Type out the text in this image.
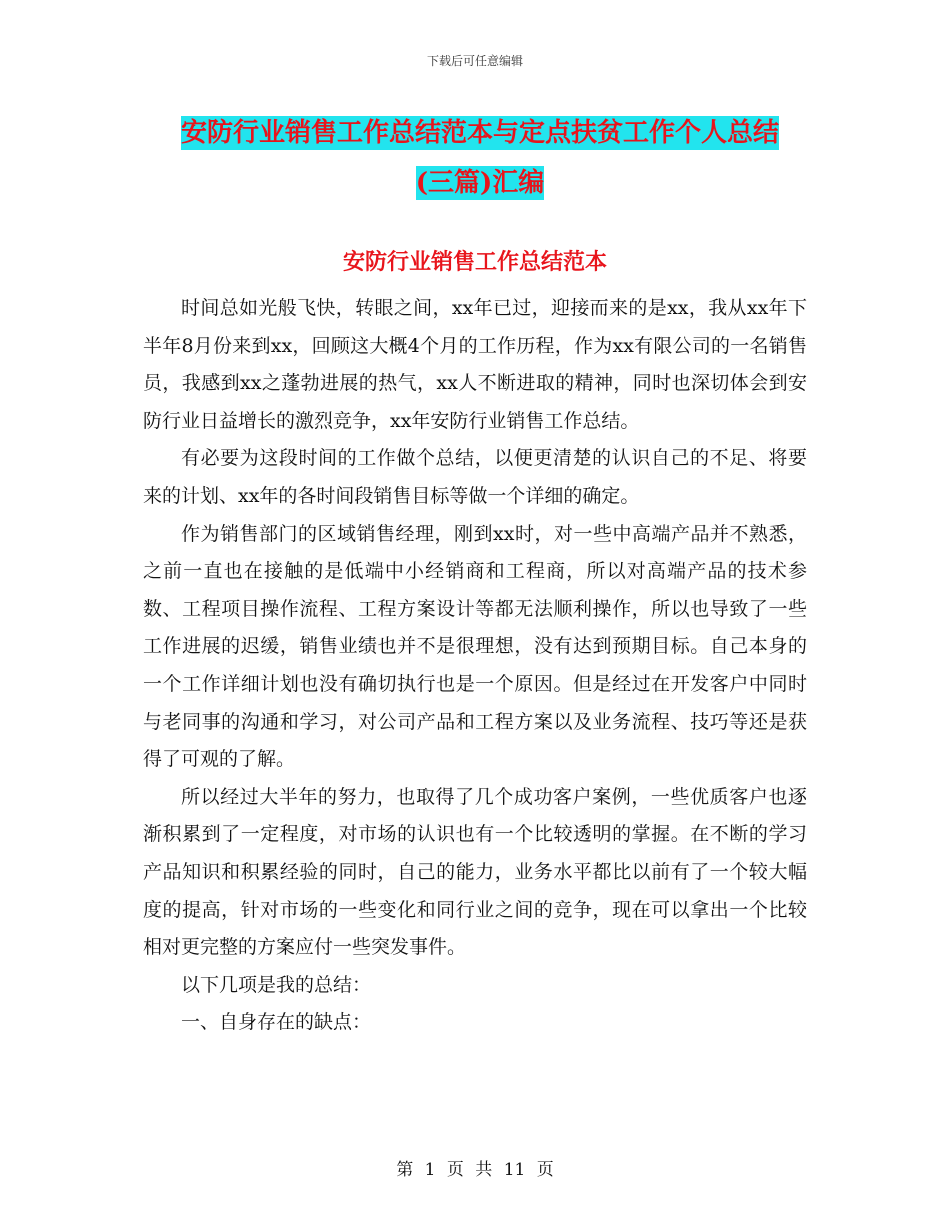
下载后可任意编辑
安防行业销售工作总结范本与定点扶贫工作个人总结
(三篇)汇编
安防行业销售工作总结范本

时间总如光般飞快，转眼之间，xx年已过，迎接而来的是xx，我从xx年下半年8月份来到xx，回顾这大概4个月的工作历程，作为xx有限公司的一名销售员，我感到xx之蓬勃进展的热气，xx人不断进取的精神，同时也深切体会到安防行业日益增长的激烈竞争，xx年安防行业销售工作总结。

有必要为这段时间的工作做个总结，以便更清楚的认识自己的不足、将要来的计划、xx年的各时间段销售目标等做一个详细的确定。

作为销售部门的区域销售经理，刚到xx时，对一些中高端产品并不熟悉，之前一直也在接触的是低端中小经销商和工程商，所以对高端产品的技术参数、工程项目操作流程、工程方案设计等都无法顺利操作，所以也导致了一些工作进展的迟缓，销售业绩也并不是很理想，没有达到预期目标。自己本身的一个工作详细计划也没有确切执行也是一个原因。但是经过在开发客户中同时与老同事的沟通和学习，对公司产品和工程方案以及业务流程、技巧等还是获得了可观的了解。

所以经过大半年的努力，也取得了几个成功客户案例，一些优质客户也逐渐积累到了一定程度，对市场的认识也有一个比较透明的掌握。在不断的学习产品知识和积累经验的同时，自己的能力，业务水平都比以前有了一个较大幅度的提高，针对市场的一些变化和同行业之间的竞争，现在可以拿出一个比较相对更完整的方案应付一些突发事件。

以下几项是我的总结：

一、自身存在的缺点：

第 1 页 共 11 页
